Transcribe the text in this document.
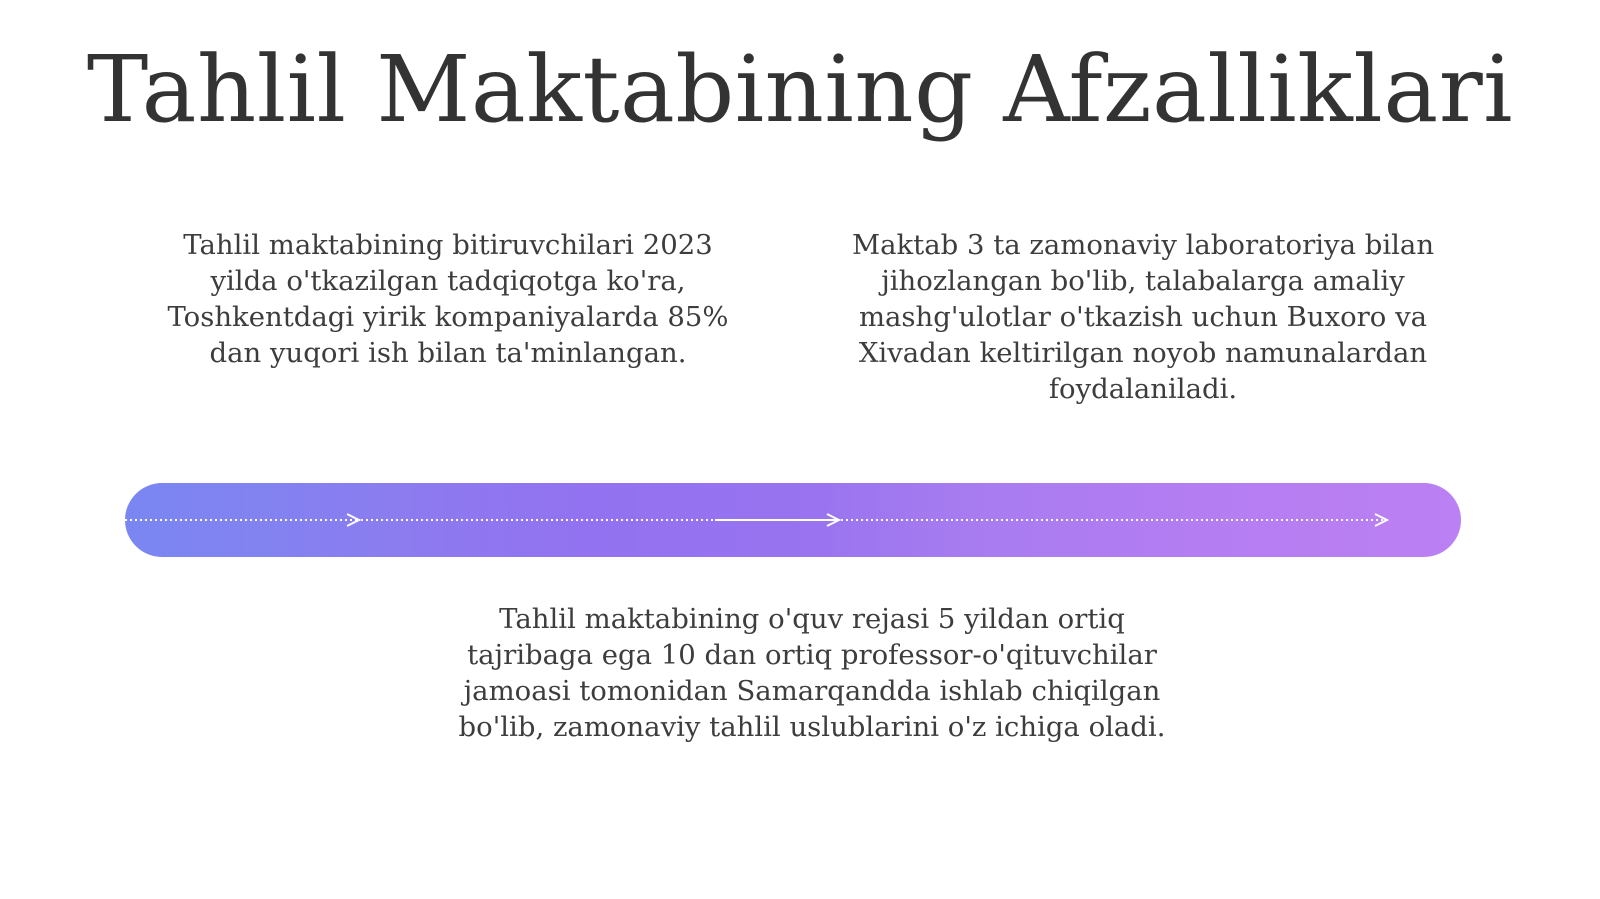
Tahlil Maktabining Afzalliklari

Tahlil maktabining bitiruvchilari 2023 yilda o'tkazilgan tadqiqotga ko'ra, Toshkentdagi yirik kompaniyalarda 85% dan yuqori ish bilan ta'minlangan.

Maktab 3 ta zamonaviy laboratoriya bilan jihozlangan bo'lib, talabalarga amaliy mashg'ulotlar o'tkazish uchun Buxoro va Xivadan keltirilgan noyob namunalardan foydalaniladi.

Tahlil maktabining o'quv rejasi 5 yildan ortiq tajribaga ega 10 dan ortiq professor-o'qituvchilar jamoasi tomonidan Samarqandda ishlab chiqilgan bo'lib, zamonaviy tahlil uslublarini o'z ichiga oladi.
